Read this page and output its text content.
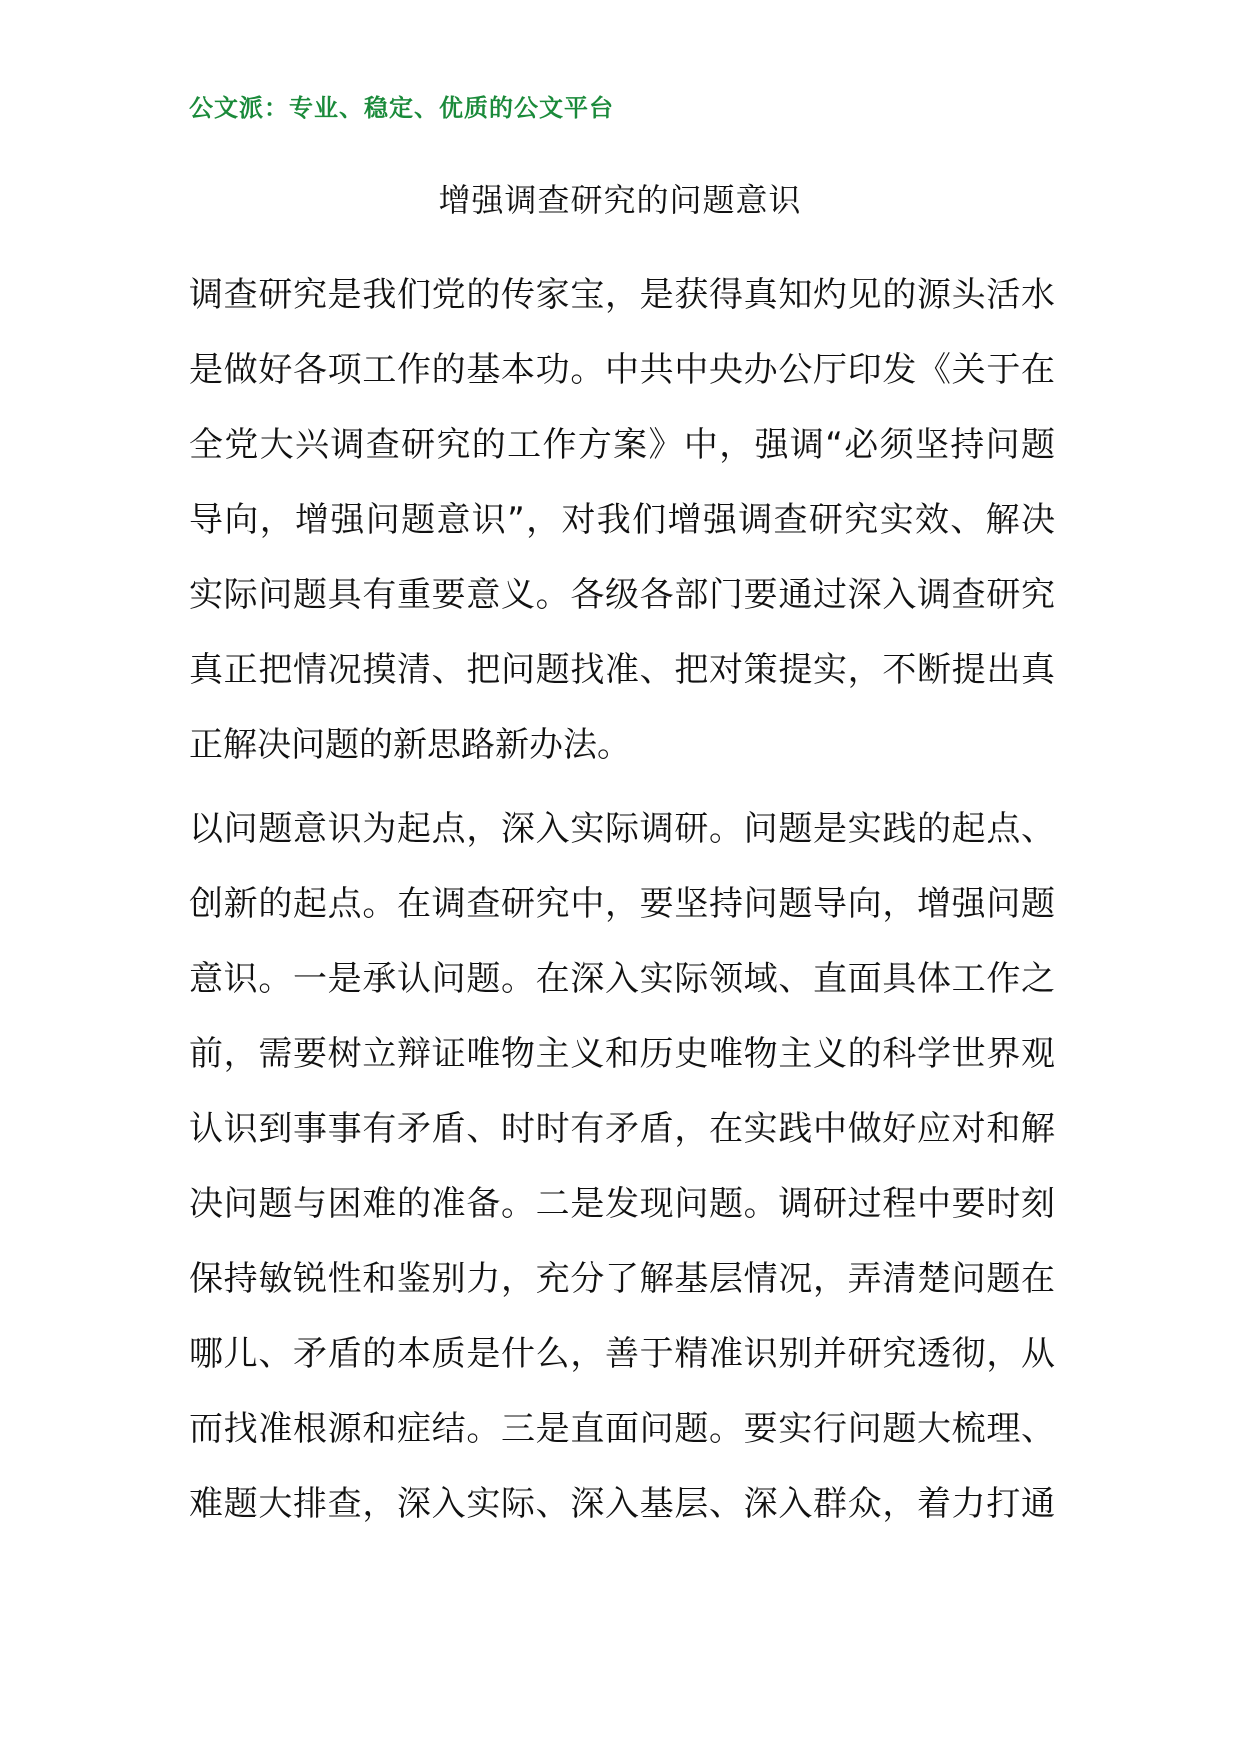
公文派：专业、稳定、优质的公文平台
增强调查研究的问题意识
调查研究是我们党的传家宝，是获得真知灼见的源头活水
是做好各项工作的基本功。中共中央办公厅印发《关于在
全党大兴调查研究的工作方案》中，强调“必须坚持问题
导向，增强问题意识”，对我们增强调查研究实效、解决
实际问题具有重要意义。各级各部门要通过深入调查研究
真正把情况摸清、把问题找准、把对策提实，不断提出真
正解决问题的新思路新办法。
以问题意识为起点，深入实际调研。问题是实践的起点、
创新的起点。在调查研究中，要坚持问题导向，增强问题
意识。一是承认问题。在深入实际领域、直面具体工作之
前，需要树立辩证唯物主义和历史唯物主义的科学世界观
认识到事事有矛盾、时时有矛盾，在实践中做好应对和解
决问题与困难的准备。二是发现问题。调研过程中要时刻
保持敏锐性和鉴别力，充分了解基层情况，弄清楚问题在
哪儿、矛盾的本质是什么，善于精准识别并研究透彻，从
而找准根源和症结。三是直面问题。要实行问题大梳理、
难题大排查，深入实际、深入基层、深入群众，着力打通
